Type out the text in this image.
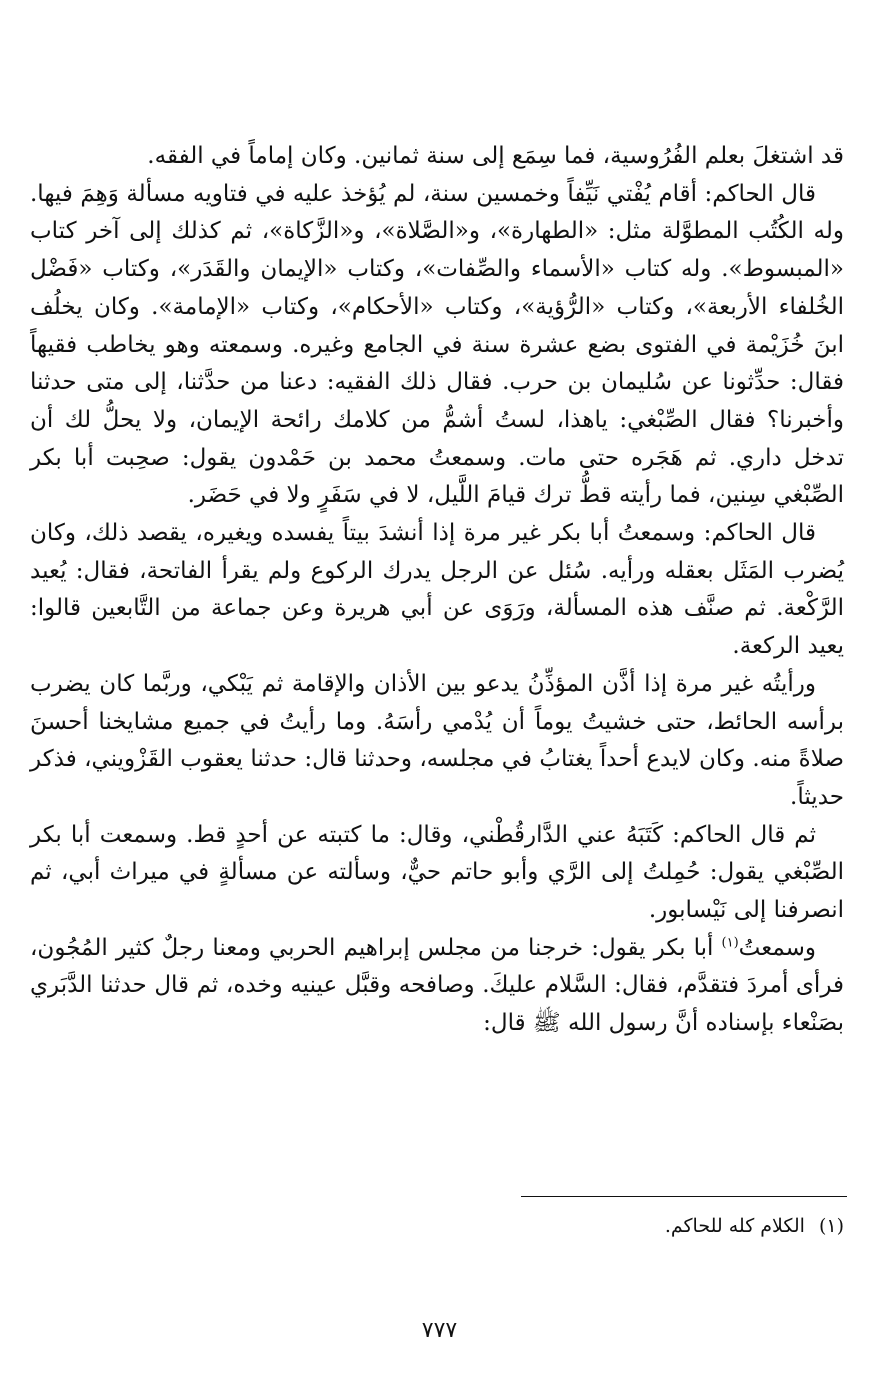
قد اشتغلَ بعلم الفُرُوسية، فما سِمَع إلى سنة ثمانين. وكان إماماً في الفقه.

قال الحاكم: أقام يُفْتي نَيِّفاً وخمسين سنة، لم يُؤخذ عليه في فتاويه مسألة وَهِمَ فيها. وله الكُتُب المطوَّلة مثل: «الطهارة»، و«الصَّلاة»، و«الزَّكاة»، ثم كذلك إلى آخر كتاب «المبسوط». وله كتاب «الأسماء والصِّفات»، وكتاب «الإيمان والقَدَر»، وكتاب «فَضْل الخُلفاء الأربعة»، وكتاب «الرُّؤية»، وكتاب «الأحكام»، وكتاب «الإمامة». وكان يخلُف ابنَ خُزَيْمة في الفتوى بضع عشرة سنة في الجامع وغيره. وسمعته وهو يخاطب فقيهاً فقال: حدِّثونا عن سُليمان بن حرب. فقال ذلك الفقيه: دعنا من حدَّثنا، إلى متى حدثنا وأخبرنا؟ فقال الصِّبْغي: ياهذا، لستُ أشمُّ من كلامك رائحة الإيمان، ولا يحلُّ لك أن تدخل داري. ثم هَجَره حتى مات. وسمعتُ محمد بن حَمْدون يقول: صحِبت أبا بكر الصِّبْغي سِنين، فما رأيته قطُّ ترك قيامَ اللَّيل، لا في سَفَرٍ ولا في حَضَر.

قال الحاكم: وسمعتُ أبا بكر غير مرة إذا أنشدَ بيتاً يفسده ويغيره، يقصد ذلك، وكان يُضرب المَثَل بعقله ورأيه. سُئل عن الرجل يدرك الركوع ولم يقرأ الفاتحة، فقال: يُعيد الرَّكْعة. ثم صنَّف هذه المسألة، ورَوَى عن أبي هريرة وعن جماعة من التَّابعين قالوا: يعيد الركعة.

ورأيتُه غير مرة إذا أذَّن المؤذِّنُ يدعو بين الأذان والإقامة ثم يَبْكي، وربَّما كان يضرب برأسه الحائط، حتى خشيتُ يوماً أن يُدْمي رأسَهُ. وما رأيتُ في جميع مشايخنا أحسنَ صلاةً منه. وكان لايدع أحداً يغتابُ في مجلسه، وحدثنا قال: حدثنا يعقوب القَزْويني، فذكر حديثاً.

ثم قال الحاكم: كَتَبَهُ عني الدَّارقُطْني، وقال: ما كتبته عن أحدٍ قط. وسمعت أبا بكر الصِّبْغي يقول: حُمِلتُ إلى الرَّي وأبو حاتم حيٌّ، وسألته عن مسألةٍ في ميراث أبي، ثم انصرفنا إلى نَيْسابور.

وسمعتُ$^{(١)}$ أبا بكر يقول: خرجنا من مجلس إبراهيم الحربي ومعنا رجلٌ كثير المُجُون، فرأى أمردَ فتقدَّم، فقال: السَّلام عليكَ. وصافحه وقبَّل عينيه وخده، ثم قال حدثنا الدَّبَري بصَنْعاء بإسناده أنَّ رسول الله ﷺ قال:

(١)الكلام كله للحاكم.
٧٧٧
